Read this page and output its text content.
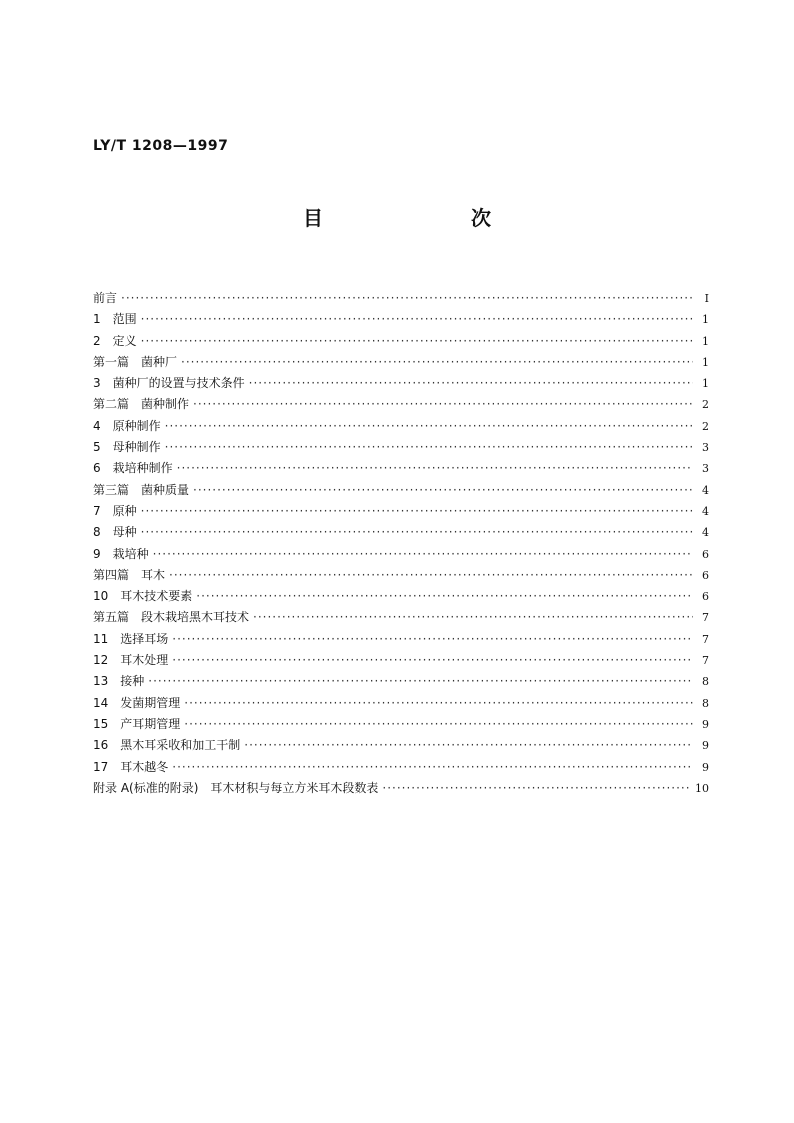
LY/T 1208—1997
目　次
前言 ·····	I
1　范围 ·····	1
2　定义 ·····	1
第一篇　菌种厂 ·····	1
3　菌种厂的设置与技术条件 ·····	1
第二篇　菌种制作 ·····	2
4　原种制作 ·····	2
5　母种制作 ·····	3
6　栽培种制作 ·····	3
第三篇　菌种质量 ·····	4
7　原种 ·····	4
8　母种 ·····	4
9　栽培种 ·····	6
第四篇　耳木 ·····	6
10　耳木技术要素 ·····	6
第五篇　段木栽培黑木耳技术 ·····	7
11　选择耳场 ·····	7
12　耳木处理 ·····	7
13　接种 ·····	8
14　发菌期管理 ·····	8
15　产耳期管理 ·····	9
16　黑木耳采收和加工干制 ·····	9
17　耳木越冬 ·····	9
附录 A(标准的附录)　耳木材积与每立方米耳木段数表 ·····	10
